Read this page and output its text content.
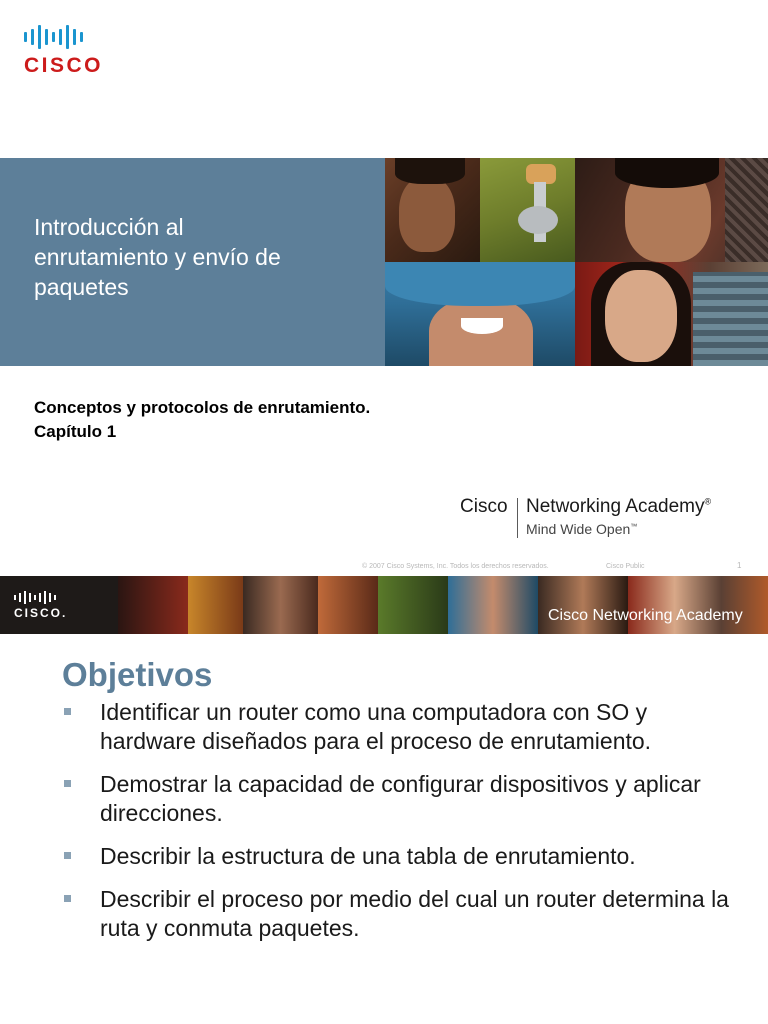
CISCO
Introducción al
enrutamiento y envío de
paquetes
Conceptos y protocolos de enrutamiento.
Capítulo 1
Cisco Networking Academy®
Mind Wide Open™
© 2007 Cisco Systems, Inc. Todos los derechos reservados.	Cisco Public	1
CISCO.	Cisco Networking Academy
Objetivos
Identificar un router como una computadora con SO y hardware diseñados para el proceso de enrutamiento.
Demostrar la capacidad de configurar dispositivos y aplicar direcciones.
Describir la estructura de una tabla de enrutamiento.
Describir el proceso por medio del cual un router determina la ruta y conmuta paquetes.
